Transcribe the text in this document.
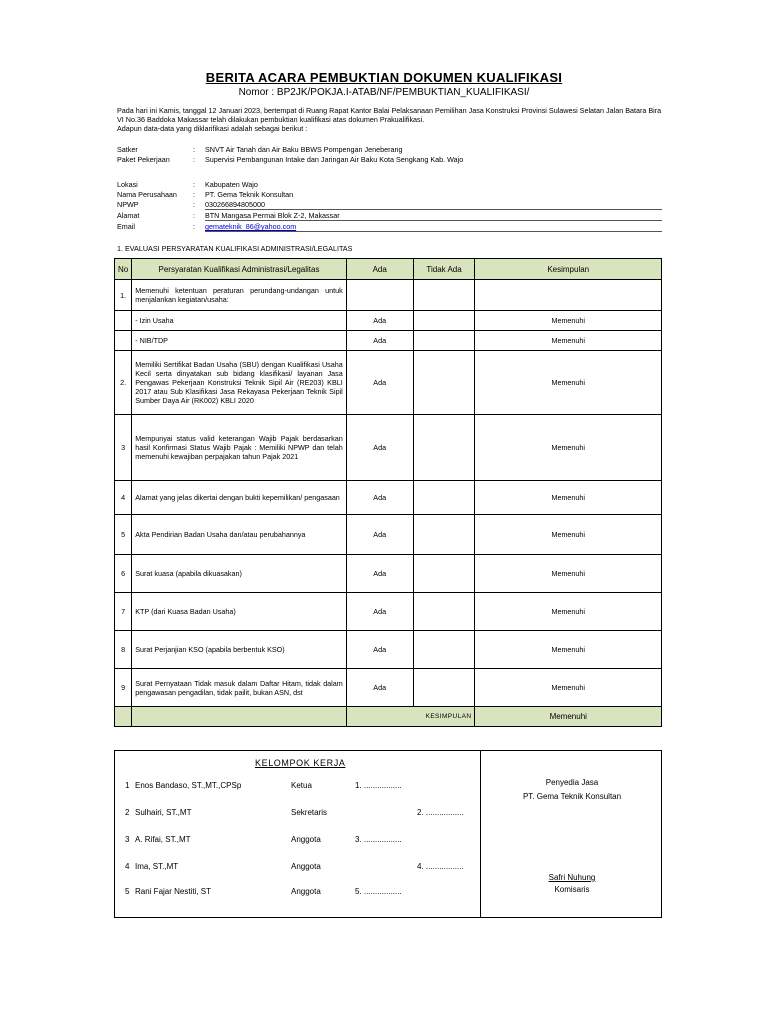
BERITA ACARA PEMBUKTIAN DOKUMEN KUALIFIKASI
Nomor : BP2JK/POKJA.I-ATAB/NF/PEMBUKTIAN_KUALIFIKASI/
Pada hari ini Kamis, tanggal 12 Januari 2023, bertempat di Ruang Rapat Kantor Balai Pelaksanaan Pemilihan Jasa Konstruksi Provinsi Sulawesi Selatan Jalan Batara Bira VI No.36 Baddoka Makassar telah dilakukan pembuktian kualifikasi atas dokumen Prakualifikasi.
Adapun data-data yang diklarifikasi adalah sebagai berikut :
Satker	: SNVT Air Tanah dan Air Baku BBWS Pompengan Jeneberang
Paket Pekerjaan	: Supervisi Pembangunan Intake dan Jaringan Air Baku Kota Sengkang Kab. Wajo
Lokasi	: Kabupaten Wajo
Nama Perusahaan : PT. Gema Teknik Konsultan
NPWP	: 030266894805000
Alamat	: BTN Mangasa Permai Blok Z-2, Makassar
Email	: gemateknik_86@yahoo.com
1. EVALUASI PERSYARATAN KUALIFIKASI ADMINISTRASI/LEGALITAS
No	Persyaratan Kualifikasi Administrasi/Legalitas	Ada	Tidak Ada	Kesimpulan
1.	Memenuhi ketentuan peraturan perundang-undangan untuk menjalankan kegiatan/usaha:			
	- Izin Usaha	Ada		Memenuhi
	- NIB/TDP	Ada		Memenuhi
2.	Memiliki Sertifikat Badan Usaha (SBU) dengan Kualifikasi Usaha Kecil serta dinyatakan sub bidang klasifikasi/ layanan Jasa Pengawas Pekerjaan Konstruksi Teknik Sipil Air (RE203) KBLI 2017 atau Sub Klasifikasi Jasa Rekayasa Pekerjaan Teknik Sipil Sumber Daya Air (RK002) KBLI 2020	Ada		Memenuhi
3	Mempunyai status valid keterangan Wajib Pajak berdasarkan hasil Konfirmasi Status Wajib Pajak : Memiliki NPWP dan telah memenuhi kewajiban perpajakan tahun Pajak 2021	Ada		Memenuhi
4	Alamat yang jelas dikertai dengan bukti kepemilikan/ pengasaan	Ada		Memenuhi
5	Akta Pendirian Badan Usaha dan/atau perubahannya	Ada		Memenuhi
6	Surat kuasa (apabila dikuasakan)	Ada		Memenuhi
7	KTP (dari Kuasa Badan Usaha)	Ada		Memenuhi
8	Surat Perjanjian KSO (apabila berbentuk KSO)	Ada		Memenuhi
9	Surat Pernyataan Tidak masuk dalam Daftar Hitam, tidak dalam pengawasan pengadilan, tidak pailit, bukan ASN, dst	Ada		Memenuhi
		KESIMPULAN		Memenuhi
KELOMPOK KERJA
1 Enos Bandaso, ST.,MT.,CPSp	Ketua	1. .................
2 Sulhairi, ST.,MT	Sekretaris	2. .................
3 A. Rifai, ST.,MT	Anggota	3. .................
4 Ima, ST.,MT	Anggota	4. .................
5 Rani Fajar Nestiti, ST	Anggota	5. .................
Penyedia Jasa
PT. Gema Teknik Konsultan
Safri Nuhung
Komisaris
